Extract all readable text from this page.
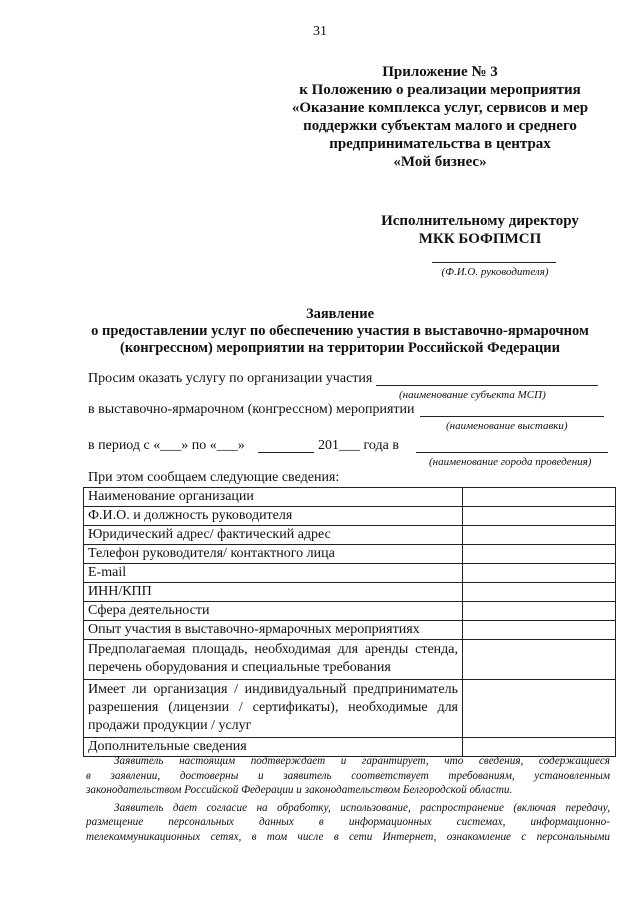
31
Приложение № 3
к Положению о реализации мероприятия
«Оказание комплекса услуг, сервисов и мер
поддержки субъектам малого и среднего
предпринимательства в центрах
«Мой бизнес»
Исполнительному директору
МКК БОФПМСП
(Ф.И.О. руководителя)
Заявление
о предоставлении услуг по обеспечению участия в выставочно-ярмарочном
(конгрессном) мероприятии на территории Российской Федерации
Просим оказать услугу по организации участия
(наименование субъекта МСП)
в выставочно-ярмарочном (конгрессном) мероприятии
(наименование выставки)
в период с «___» по «___»	201___ года в
(наименование города проведения)
При этом сообщаем следующие сведения:
Наименование организации	
Ф.И.О. и должность руководителя	
Юридический адрес/ фактический адрес	
Телефон руководителя/ контактного лица	
E-mail	
ИНН/КПП	
Сфера деятельности	
Опыт участия в выставочно-ярмарочных мероприятиях	

Предполагаемая площадь, необходимая для аренды стенда,
перечень оборудования и специальные требования	

Имеет ли организация / индивидуальный предприниматель
разрешения (лицензии / сертификаты), необходимые для
продажи продукции / услуг	

Дополнительные сведения	

Заявитель настоящим подтверждает и гарантирует, что сведения, содержащиеся

в заявлении, достоверны и заявитель соответствует требованиям, установленным

законодательством Российской Федерации и законодательством Белгородской области.

Заявитель дает согласие на обработку, использование, распространение (включая передачу,

размещение персональных данных в информационных системах, информационно-

телекоммуникационных сетях, в том числе в сети Интернет, ознакомление с персональными
